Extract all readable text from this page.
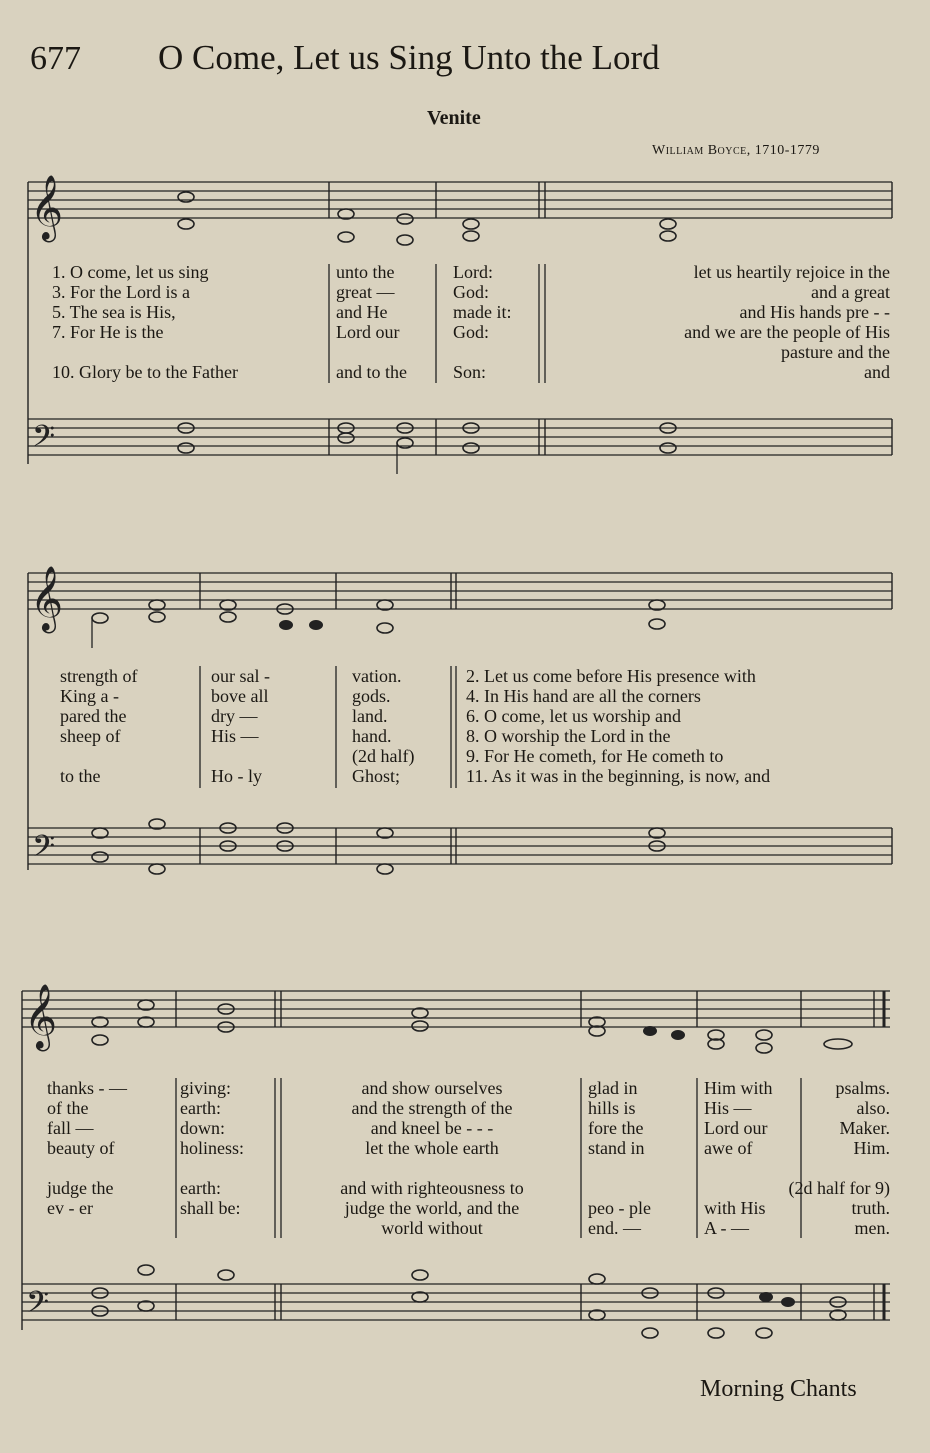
677 O Come, Let us Sing Unto the Lord
Venite
William Boyce, 1710-1779
𝄞
𝄢
𝄞
𝄢
𝄞
𝄢
1. O come, let us sing
3. For the Lord is a
5. The sea is His,
7. For He is the

10. Glory be to the Father
unto the
great —
and He
Lord our

and to the
Lord:
God:
made it:
God:

Son:
let us heartily rejoice in the
and a great
and His hands pre - -
and we are the people of His
pasture and the
and
strength of
King a -
pared the
sheep of

to the
our sal -
bove all
dry —
His —

Ho - ly
vation.
gods.
land.
hand.
(2d half)
Ghost;
2. Let us come before His presence with
4. In His hand are all the corners
6. O come, let us worship and
8. O worship the Lord in the
9. For He cometh, for He cometh to
11. As it was in the beginning, is now, and
thanks - —
of the
fall —
beauty of
judge the
ev - er
giving:
earth:
down:
holiness:
earth:
shall be:
and show ourselves
and the strength of the
and kneel be - - -
let the whole earth
and with righteousness to
judge the world, and the
world without
glad in
hills is
fore the
stand in

peo - ple
end. —
Him with
His —
Lord our
awe of

with His
A - —
psalms.
also.
Maker.
Him.
(2d half for 9)
truth.
men.
Morning Chants
